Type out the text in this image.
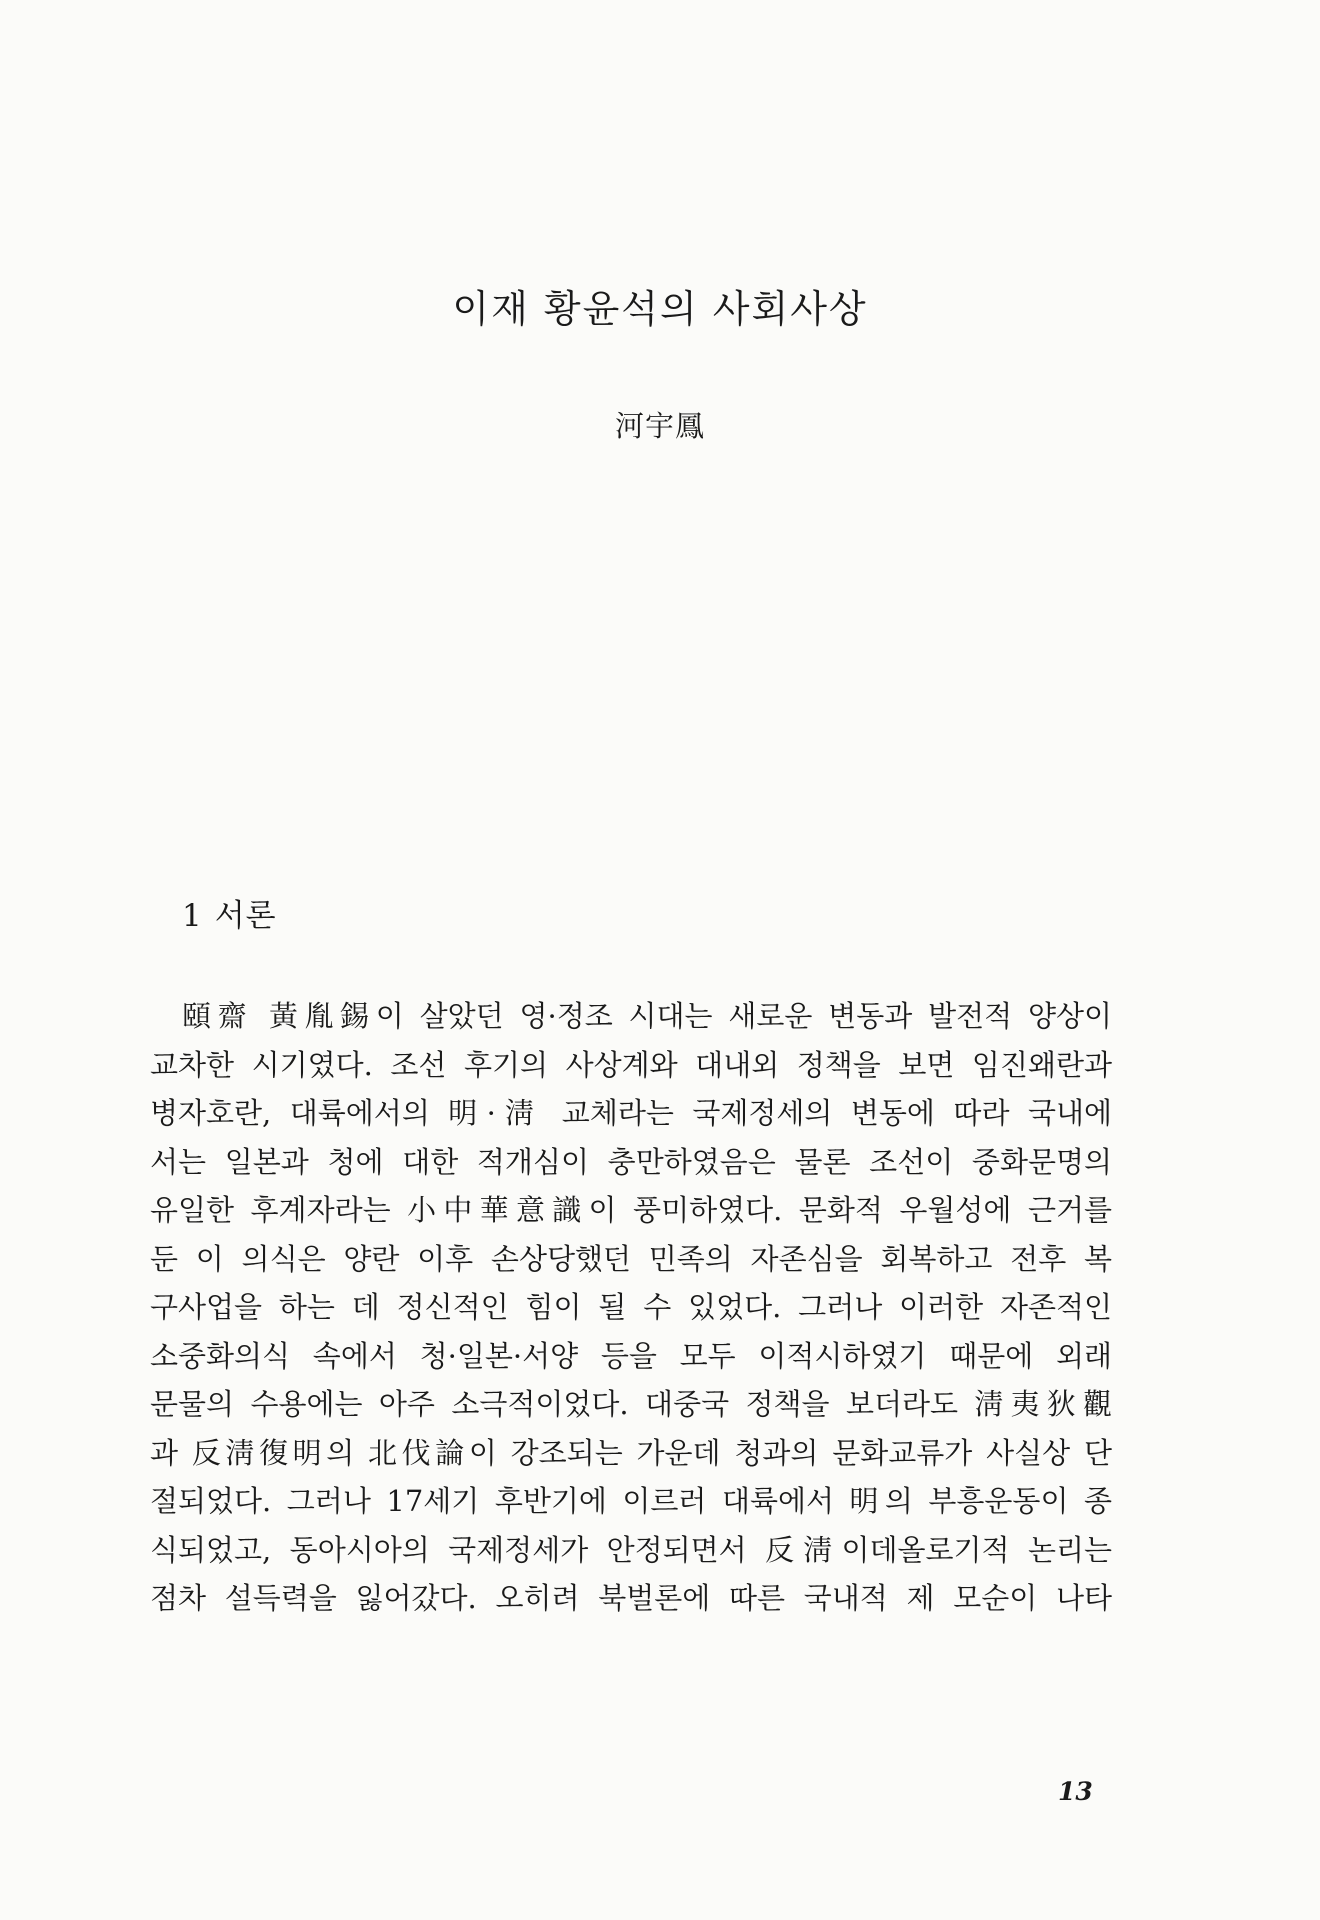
이재 황윤석의 사회사상
河宇鳳
1 서론
頤齋 黃胤錫이 살았던 영·정조 시대는 새로운 변동과 발전적 양상이
교차한 시기였다. 조선 후기의 사상계와 대내외 정책을 보면 임진왜란과
병자호란, 대륙에서의 明·淸 교체라는 국제정세의 변동에 따라 국내에
서는 일본과 청에 대한 적개심이 충만하였음은 물론 조선이 중화문명의
유일한 후계자라는 小中華意識이 풍미하였다. 문화적 우월성에 근거를
둔 이 의식은 양란 이후 손상당했던 민족의 자존심을 회복하고 전후 복
구사업을 하는 데 정신적인 힘이 될 수 있었다. 그러나 이러한 자존적인
소중화의식 속에서 청·일본·서양 등을 모두 이적시하였기 때문에 외래
문물의 수용에는 아주 소극적이었다. 대중국 정책을 보더라도 淸夷狄觀
과 反淸復明의 北伐論이 강조되는 가운데 청과의 문화교류가 사실상 단
절되었다. 그러나 17세기 후반기에 이르러 대륙에서 明의 부흥운동이 종
식되었고, 동아시아의 국제정세가 안정되면서 反淸이데올로기적 논리는
점차 설득력을 잃어갔다. 오히려 북벌론에 따른 국내적 제 모순이 나타
13
